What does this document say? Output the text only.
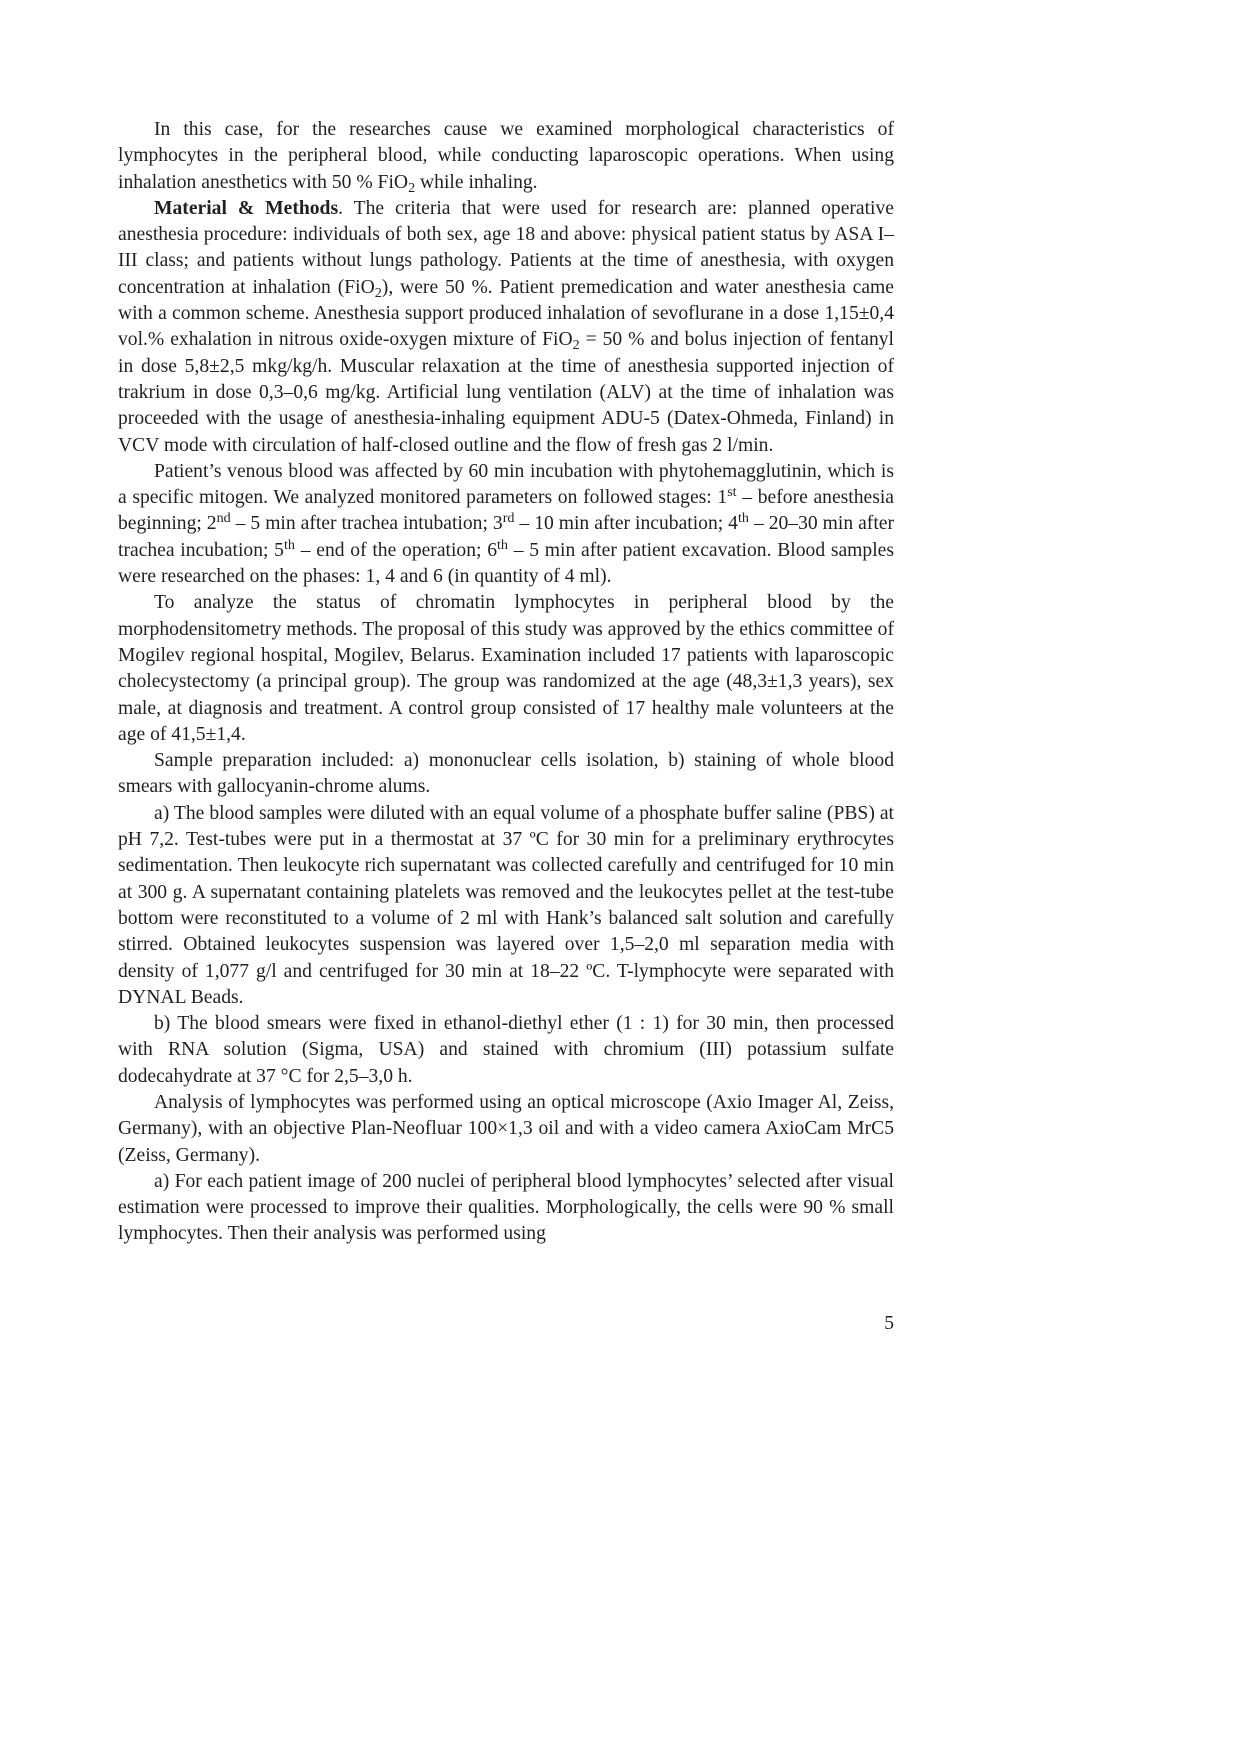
In this case, for the researches cause we examined morphological characteristics of lymphocytes in the peripheral blood, while conducting laparoscopic operations. When using inhalation anesthetics with 50 % FiO$_2$ while inhaling.

Material & Methods. The criteria that were used for research are: planned operative anesthesia procedure: individuals of both sex, age 18 and above: physical patient status by ASA I–III class; and patients without lungs pathology. Patients at the time of anesthesia, with oxygen concentration at inhalation (FiO$_2$), were 50 %. Patient premedication and water anesthesia came with a common scheme. Anesthesia support produced inhalation of sevoflurane in a dose 1,15±0,4 vol.% exhalation in nitrous oxide-oxygen mixture of FiO$_2$ = 50 % and bolus injection of fentanyl in dose 5,8±2,5 mkg/kg/h. Muscular relaxation at the time of anesthesia supported injection of trakrium in dose 0,3–0,6 mg/kg. Artificial lung ventilation (ALV) at the time of inhalation was proceeded with the usage of anesthesia-inhaling equipment ADU-5 (Datex-Ohmeda, Finland) in VCV mode with circulation of half-closed outline and the flow of fresh gas 2 l/min.

Patient’s venous blood was affected by 60 min incubation with phytohemagglutinin, which is a specific mitogen. We analyzed monitored parameters on followed stages: 1st – before anesthesia beginning; 2nd – 5 min after trachea intubation; 3rd – 10 min after incubation; 4th – 20–30 min after trachea incubation; 5th – end of the operation; 6th – 5 min after patient excavation. Blood samples were researched on the phases: 1, 4 and 6 (in quantity of 4 ml).

To analyze the status of chromatin lymphocytes in peripheral blood by the morphodensitometry methods. The proposal of this study was approved by the ethics committee of Mogilev regional hospital, Mogilev, Belarus. Examination included 17 patients with laparoscopic cholecystectomy (a principal group). The group was randomized at the age (48,3±1,3 years), sex male, at diagnosis and treatment. A control group consisted of 17 healthy male volunteers at the age of 41,5±1,4.

Sample preparation included: a) mononuclear cells isolation, b) staining of whole blood smears with gallocyanin-chrome alums.

a) The blood samples were diluted with an equal volume of a phosphate buffer saline (PBS) at pH 7,2. Test-tubes were put in a thermostat at 37 ºC for 30 min for a preliminary erythrocytes sedimentation. Then leukocyte rich supernatant was collected carefully and centrifuged for 10 min at 300 g. A supernatant containing platelets was removed and the leukocytes pellet at the test-tube bottom were reconstituted to a volume of 2 ml with Hank’s balanced salt solution and carefully stirred. Obtained leukocytes suspension was layered over 1,5–2,0 ml separation media with density of 1,077 g/l and centrifuged for 30 min at 18–22 ºC. T-lymphocyte were separated with DYNAL Beads.

b) The blood smears were fixed in ethanol-diethyl ether (1 : 1) for 30 min, then processed with RNA solution (Sigma, USA) and stained with chromium (III) potassium sulfate dodecahydrate at 37 °C for 2,5–3,0 h.

Analysis of lymphocytes was performed using an optical microscope (Axio Imager Al, Zeiss, Germany), with an objective Plan-Neofluar 100×1,3 oil and with a video camera AxioCam MrC5 (Zeiss, Germany).

a) For each patient image of 200 nuclei of peripheral blood lymphocytes’ selected after visual estimation were processed to improve their qualities. Morphologically, the cells were 90 % small lymphocytes. Then their analysis was performed using

5
